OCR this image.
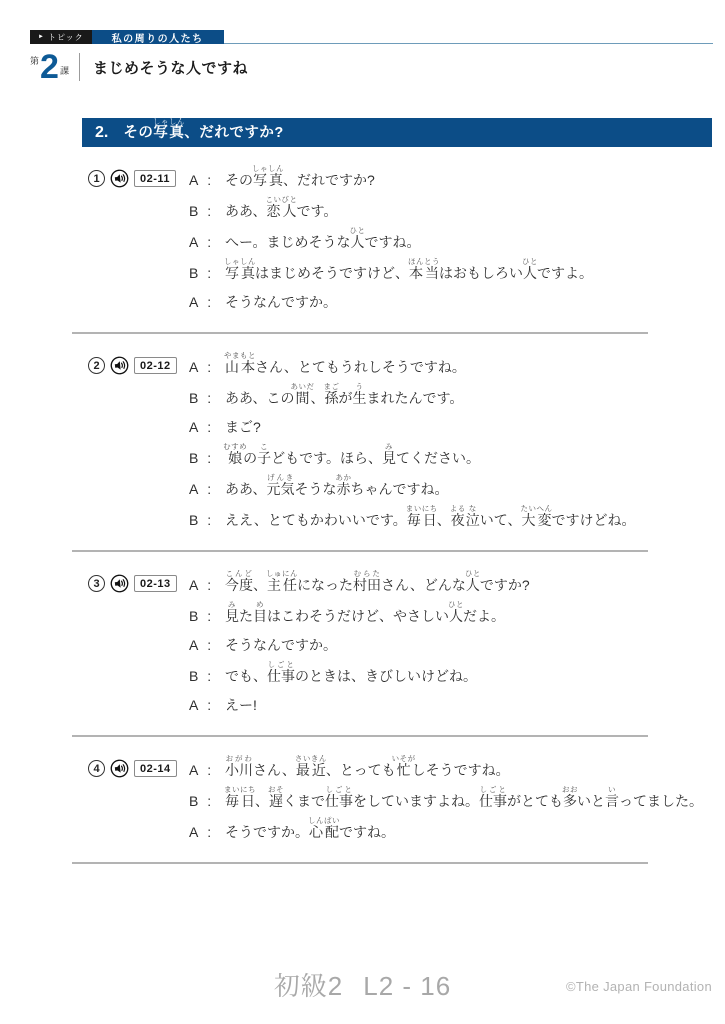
► トピック	私の周りの人たち
第 2 課 まじめそうな人ですね
2. その写真しゃしん、だれですか?
1	02-11	A : その写真しゃしん、だれですか?
B : ああ、恋人こいびとです。
A : へー。まじめそうな人ひとですね。
B : 写真しゃしんはまじめそうですけど、本当ほんとうはおもしろい人ひとですよ。
A : そうなんですか。
2	02-12	A : 山本やまもとさん、とてもうれしそうですね。
B : ああ、この間あいだ、孫まごが生うまれたんです。
A : まご?
B : 娘むすめの子こどもです。ほら、見みてください。
A : ああ、元気げんきそうな赤あかちゃんですね。
B : ええ、とてもかわいいです。毎日まいにち、夜よる泣ないて、大変たいへんですけどね。
3	02-13	A : 今度こんど、主任しゅにんになった村田むらたさん、どんな人ひとですか?
B : 見みた目めはこわそうだけど、やさしい人ひとだよ。
A : そうなんですか。
B : でも、仕事しごとのときは、きびしいけどね。
A : えー!
4	02-14	A : 小川おがわさん、最近さいきん、とっても忙いそがしそうですね。
B : 毎日まいにち、遅おそくまで仕事しごとをしていますよね。仕事しごとがとても多おおいと言いってました。
A : そうですか。心配しんぱいですね。
初級2 L2 - 16	©The Japan Foundation
